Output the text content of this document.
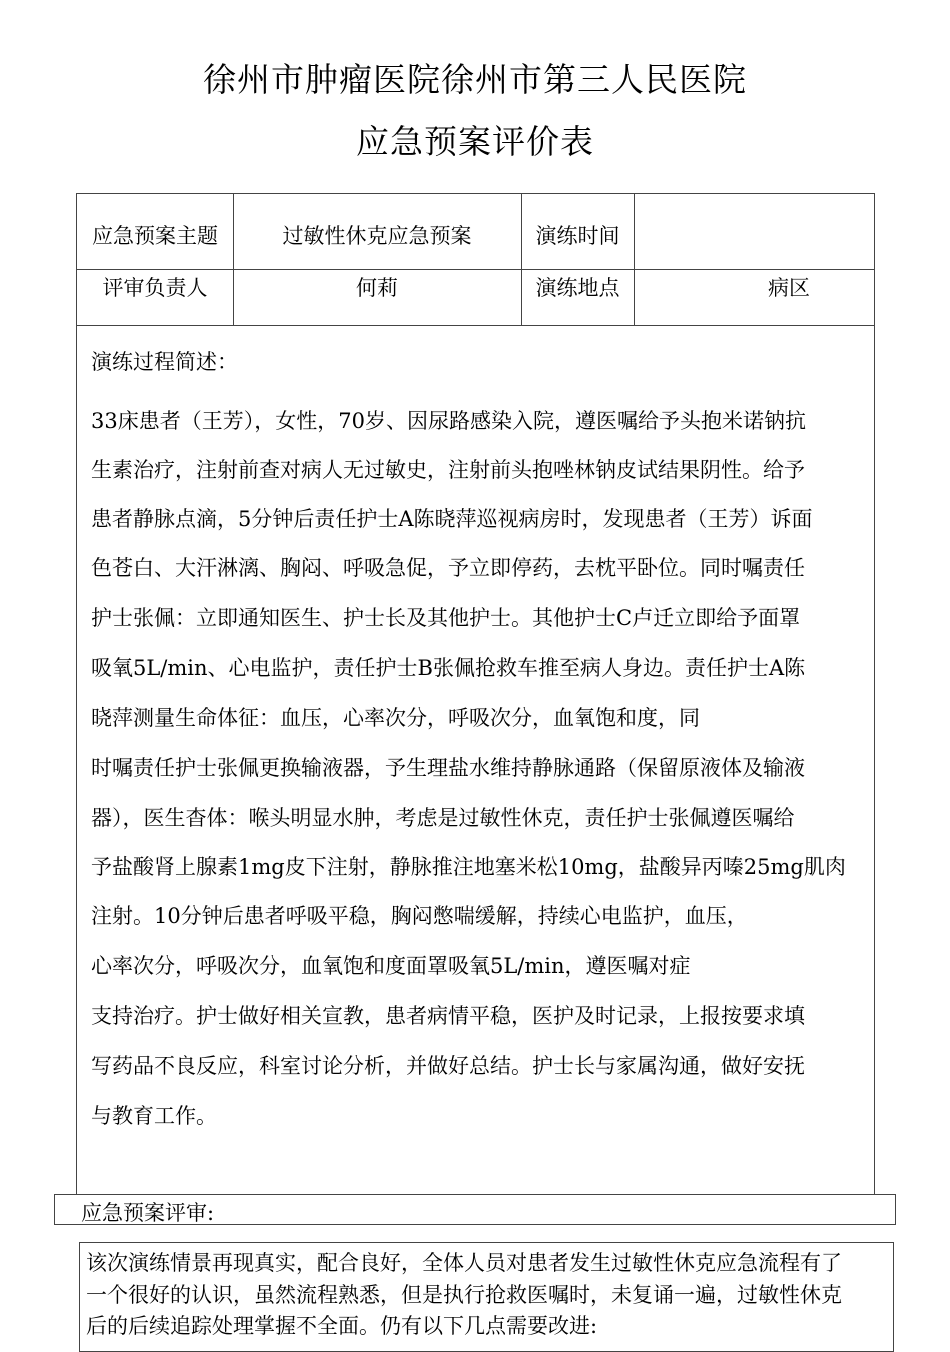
徐州市肿瘤医院徐州市第三人民医院
应急预案评价表
应急预案主题	过敏性休克应急预案	演练时间
评审负责人	何莉	演练地点	病区
演练过程简述：
33床患者（王芳），女性，70岁、因尿路感染入院，遵医嘱给予头抱米诺钠抗
生素治疗，注射前查对病人无过敏史，注射前头抱唑林钠皮试结果阴性。给予
患者静脉点滴，5分钟后责任护士A陈晓萍巡视病房时，发现患者（王芳）诉面
色苍白、大汗淋漓、胸闷、呼吸急促，予立即停药，去枕平卧位。同时嘱责任
护士张佩：立即通知医生、护士长及其他护士。其他护士C卢迁立即给予面罩
吸氧5L/min、心电监护，责任护士B张佩抢救车推至病人身边。责任护士A陈
晓萍测量生命体征：血压，心率次分，呼吸次分，血氧饱和度，同
时嘱责任护士张佩更换输液器，予生理盐水维持静脉通路（保留原液体及输液
器），医生杳体：喉头明显水肿，考虑是过敏性休克，责任护士张佩遵医嘱给
予盐酸肾上腺素1mg皮下注射，静脉推注地塞米松10mg，盐酸异丙嗪25mg肌肉
注射。10分钟后患者呼吸平稳，胸闷憋喘缓解，持续心电监护，血压，
心率次分，呼吸次分，血氧饱和度面罩吸氧5L/min，遵医嘱对症
支持治疗。护士做好相关宣教，患者病情平稳，医护及时记录，上报按要求填
写药品不良反应，科室讨论分析，并做好总结。护士长与家属沟通，做好安抚
与教育工作。
应急预案评审:
该次演练情景再现真实，配合良好，全体人员对患者发生过敏性休克应急流程有了
一个很好的认识，虽然流程熟悉，但是执行抢救医嘱时，未复诵一遍，过敏性休克
后的后续追踪处理掌握不全面。仍有以下几点需要改进:
